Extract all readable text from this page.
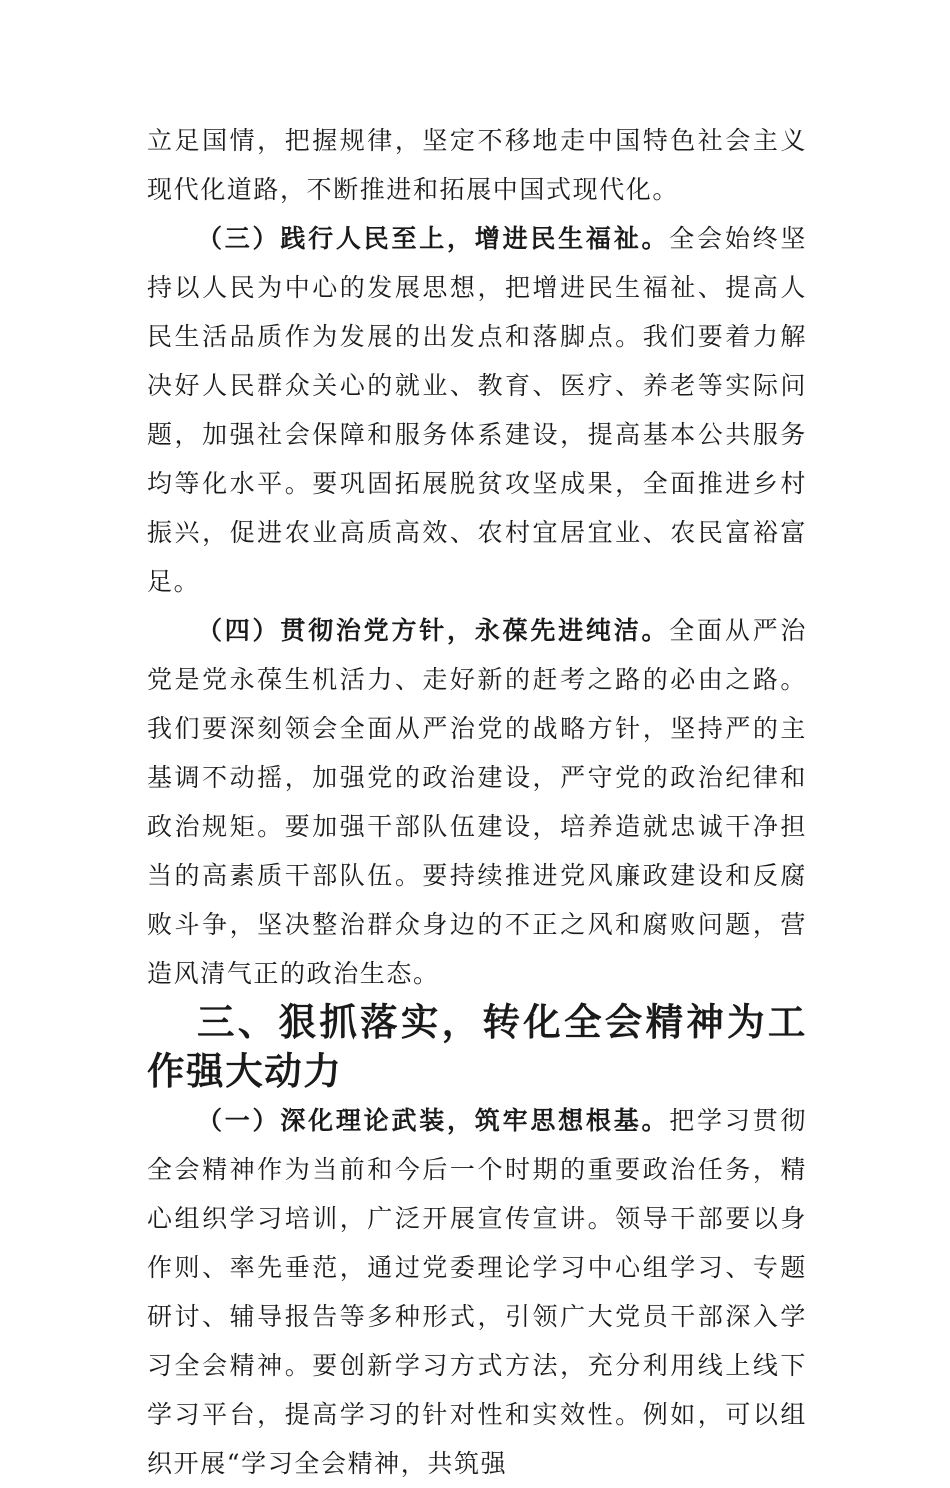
立足国情，把握规律，坚定不移地走中国特色社会主义现代化道路，不断推进和拓展中国式现代化。

（三）践行人民至上，增进民生福祉。全会始终坚持以人民为中心的发展思想，把增进民生福祉、提高人民生活品质作为发展的出发点和落脚点。我们要着力解决好人民群众关心的就业、教育、医疗、养老等实际问题，加强社会保障和服务体系建设，提高基本公共服务均等化水平。要巩固拓展脱贫攻坚成果，全面推进乡村振兴，促进农业高质高效、农村宜居宜业、农民富裕富足。

（四）贯彻治党方针，永葆先进纯洁。全面从严治党是党永葆生机活力、走好新的赶考之路的必由之路。我们要深刻领会全面从严治党的战略方针，坚持严的主基调不动摇，加强党的政治建设，严守党的政治纪律和政治规矩。要加强干部队伍建设，培养造就忠诚干净担当的高素质干部队伍。要持续推进党风廉政建设和反腐败斗争，坚决整治群众身边的不正之风和腐败问题，营造风清气正的政治生态。

三、狠抓落实，转化全会精神为工作强大动力

（一）深化理论武装，筑牢思想根基。把学习贯彻全会精神作为当前和今后一个时期的重要政治任务，精心组织学习培训，广泛开展宣传宣讲。领导干部要以身作则、率先垂范，通过党委理论学习中心组学习、专题研讨、辅导报告等多种形式，引领广大党员干部深入学习全会精神。要创新学习方式方法，充分利用线上线下学习平台，提高学习的针对性和实效性。例如，可以组织开展“学习全会精神，共筑强
